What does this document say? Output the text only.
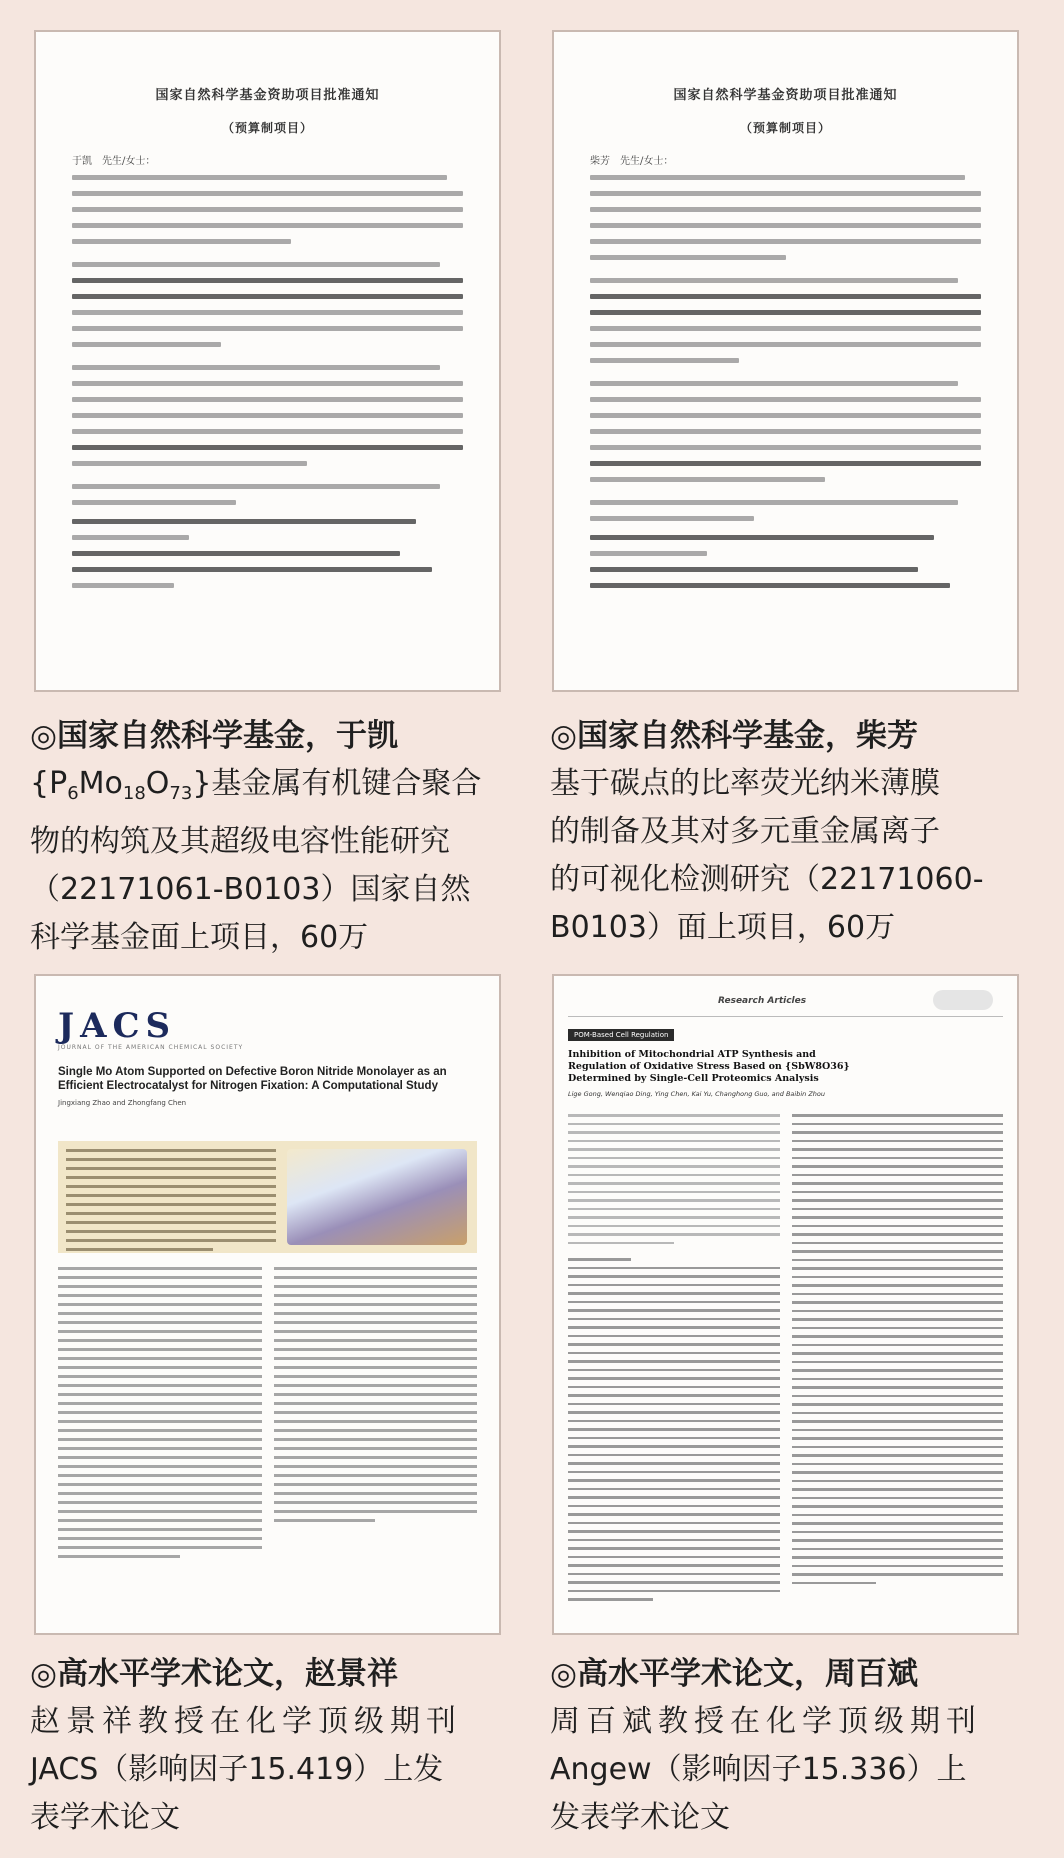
国家自然科学基金资助项目批准通知
（预算制项目）
于凯　先生/女士：
国家自然科学基金资助项目批准通知
（预算制项目）
柴芳　先生/女士：
◎国家自然科学基金，于凯
$\{P_6Mo_{18}O_{73}\}$基金属有机键合聚合
物的构筑及其超级电容性能研究
（22171061-B0103）国家自然
科学基金面上项目，60万
◎国家自然科学基金，柴芳
基于碳点的比率荧光纳米薄膜
的制备及其对多元重金属离子
的可视化检测研究（22171060-
B0103）面上项目，60万
JACS
JOURNAL OF THE AMERICAN CHEMICAL SOCIETY
Single Mo Atom Supported on Defective Boron Nitride Monolayer as an Efficient Electrocatalyst for Nitrogen Fixation: A Computational Study
Jingxiang Zhao and Zhongfang Chen
Research Articles
POM-Based Cell Regulation
Inhibition of Mitochondrial ATP Synthesis and Regulation of Oxidative Stress Based on {SbW8O36} Determined by Single-Cell Proteomics Analysis
Lige Gong, Wenqiao Ding, Ying Chen, Kai Yu, Changhong Guo, and Baibin Zhou
◎高水平学术论文，赵景祥
赵景祥教授在化学顶级期刊
JACS（影响因子15.419）上发
表学术论文
◎高水平学术论文，周百斌
周百斌教授在化学顶级期刊
Angew（影响因子15.336）上
发表学术论文
